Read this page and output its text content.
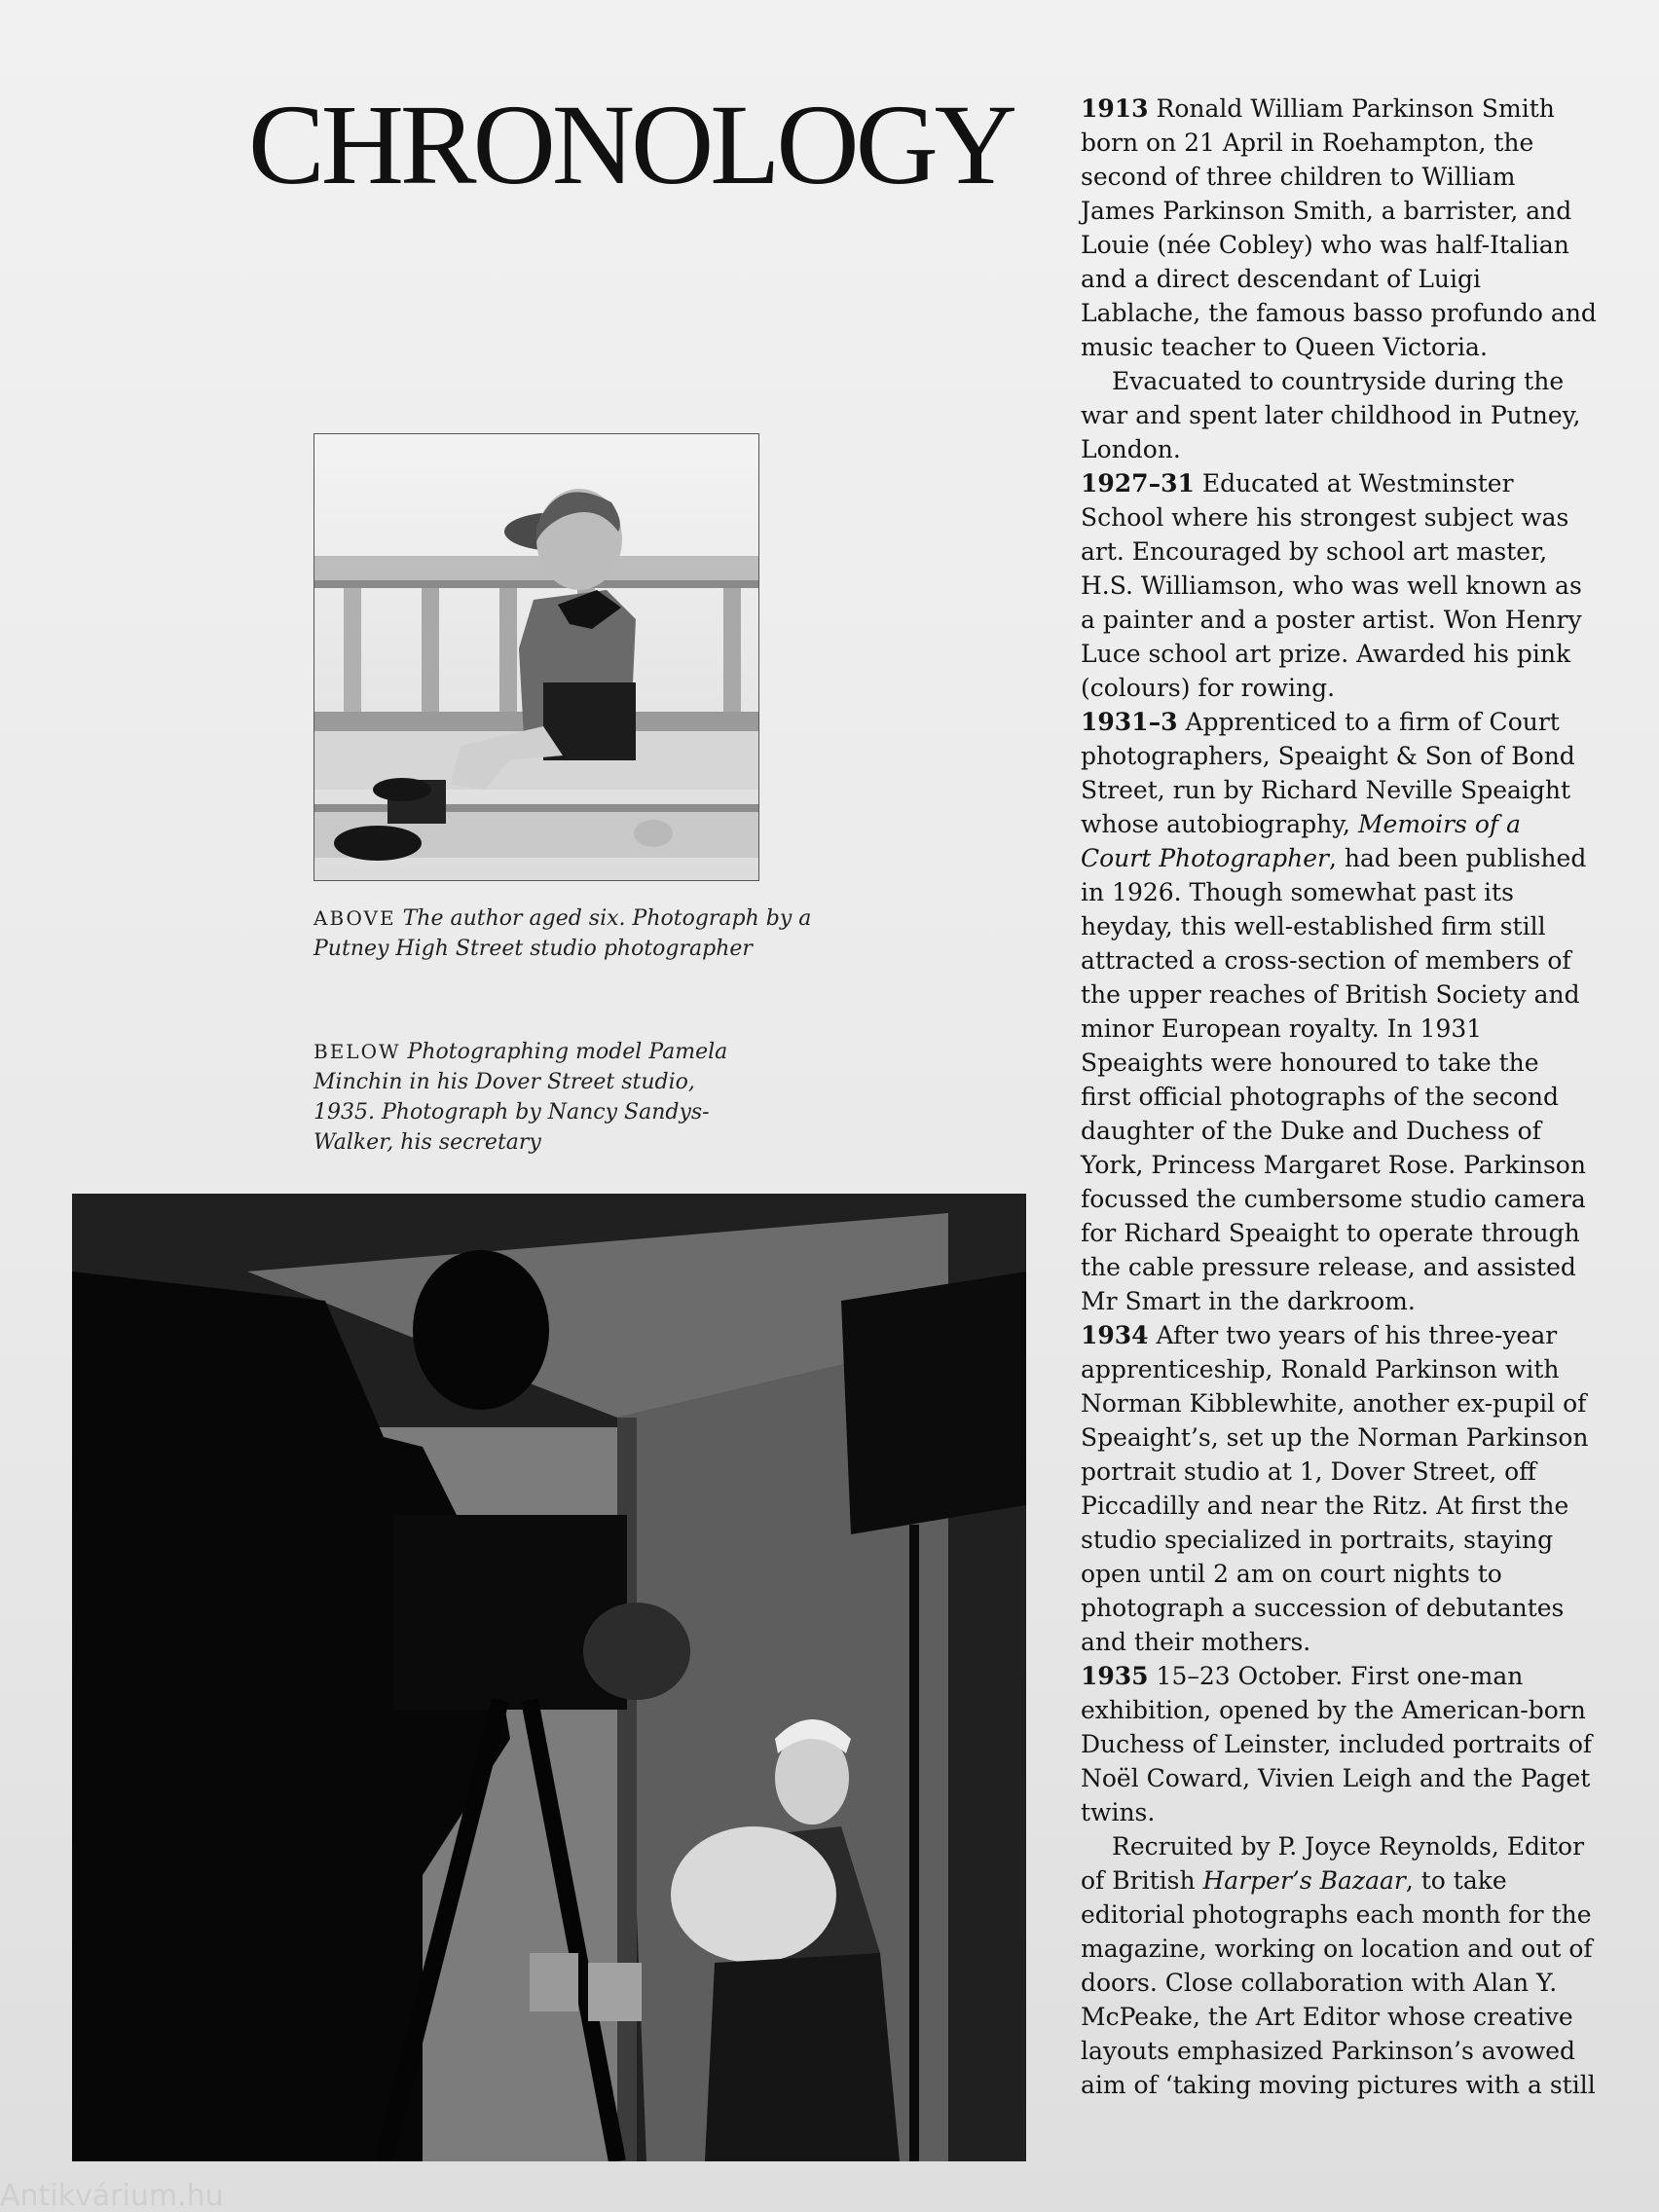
CHRONOLOGY
ABOVE The author aged six. Photograph by a Putney High Street studio photographer
BELOW Photographing model Pamela Minchin in his Dover Street studio, 1935. Photograph by Nancy Sandys-Walker, his secretary

1913 Ronald William Parkinson Smith born on 21 April in Roehampton, the second of three children to William James Parkinson Smith, a barrister, and Louie (née Cobley) who was half-Italian and a direct descendant of Luigi Lablache, the famous basso profundo and music teacher to Queen Victoria.

Evacuated to countryside during the war and spent later childhood in Putney, London.

1927–31 Educated at Westminster School where his strongest subject was art. Encouraged by school art master, H.S. Williamson, who was well known as a painter and a poster artist. Won Henry Luce school art prize. Awarded his pink (colours) for rowing.

1931–3 Apprenticed to a firm of Court photographers, Speaight & Son of Bond Street, run by Richard Neville Speaight whose autobiography, Memoirs of a Court Photographer, had been published in 1926. Though somewhat past its heyday, this well-established firm still attracted a cross-section of members of the upper reaches of British Society and minor European royalty. In 1931 Speaights were honoured to take the first official photographs of the second daughter of the Duke and Duchess of York, Princess Margaret Rose. Parkinson focussed the cumbersome studio camera for Richard Speaight to operate through the cable pressure release, and assisted Mr Smart in the darkroom.

1934 After two years of his three-year apprenticeship, Ronald Parkinson with Norman Kibblewhite, another ex-pupil of Speaight’s, set up the Norman Parkinson portrait studio at 1, Dover Street, off Piccadilly and near the Ritz. At first the studio specialized in portraits, staying open until 2 am on court nights to photograph a succession of debutantes and their mothers.

1935 15–23 October. First one-man exhibition, opened by the American-born Duchess of Leinster, included portraits of Noël Coward, Vivien Leigh and the Paget twins.

Recruited by P. Joyce Reynolds, Editor of British Harper’s Bazaar, to take editorial photographs each month for the magazine, working on location and out of doors. Close collaboration with Alan Y. McPeake, the Art Editor whose creative layouts emphasized Parkinson’s avowed aim of ‘taking moving pictures with a still

Antikvárium.hu
